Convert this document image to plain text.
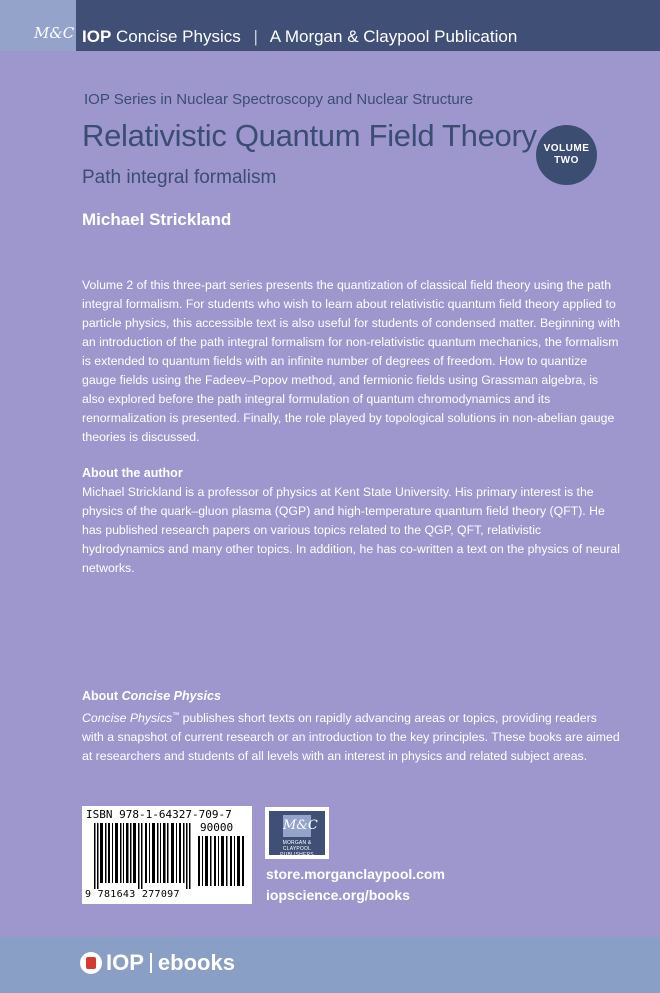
M&C IOP Concise Physics | A Morgan & Claypool Publication
IOP Series in Nuclear Spectroscopy and Nuclear Structure
Relativistic Quantum Field Theory
Path integral formalism
VOLUME
TWO
Michael Strickland

Volume 2 of this three-part series presents the quantization of classical field theory using the path integral formalism. For students who wish to learn about relativistic quantum field theory applied to particle physics, this accessible text is also useful for students of condensed matter. Beginning with an introduction of the path integral formalism for non-relativistic quantum mechanics, the formalism is extended to quantum fields with an infinite number of degrees of freedom. How to quantize gauge fields using the Fadeev–Popov method, and fermionic fields using Grassman algebra, is also explored before the path integral formulation of quantum chromodynamics and its renormalization is presented. Finally, the role played by topological solutions in non-abelian gauge theories is discussed.

About the author

Michael Strickland is a professor of physics at Kent State University. His primary interest is the physics of the quark–gluon plasma (QGP) and high-temperature quantum field theory (QFT). He has published research papers on various topics related to the QGP, QFT, relativistic hydrodynamics and many other topics. In addition, he has co-written a text on the physics of neural networks.

About Concise Physics

Concise Physics™ publishes short texts on rapidly advancing areas or topics, providing readers with a snapshot of current research or an introduction to the key principles. These books are aimed at researchers and students of all levels with an interest in physics and related subject areas.

ISBN 978-1-64327-709-7
90000
9 781643 277097
M&C
MORGAN & CLAYPOOL PUBLISHERS
store.morganclaypool.com
iopscience.org/books
IOP ebooks
